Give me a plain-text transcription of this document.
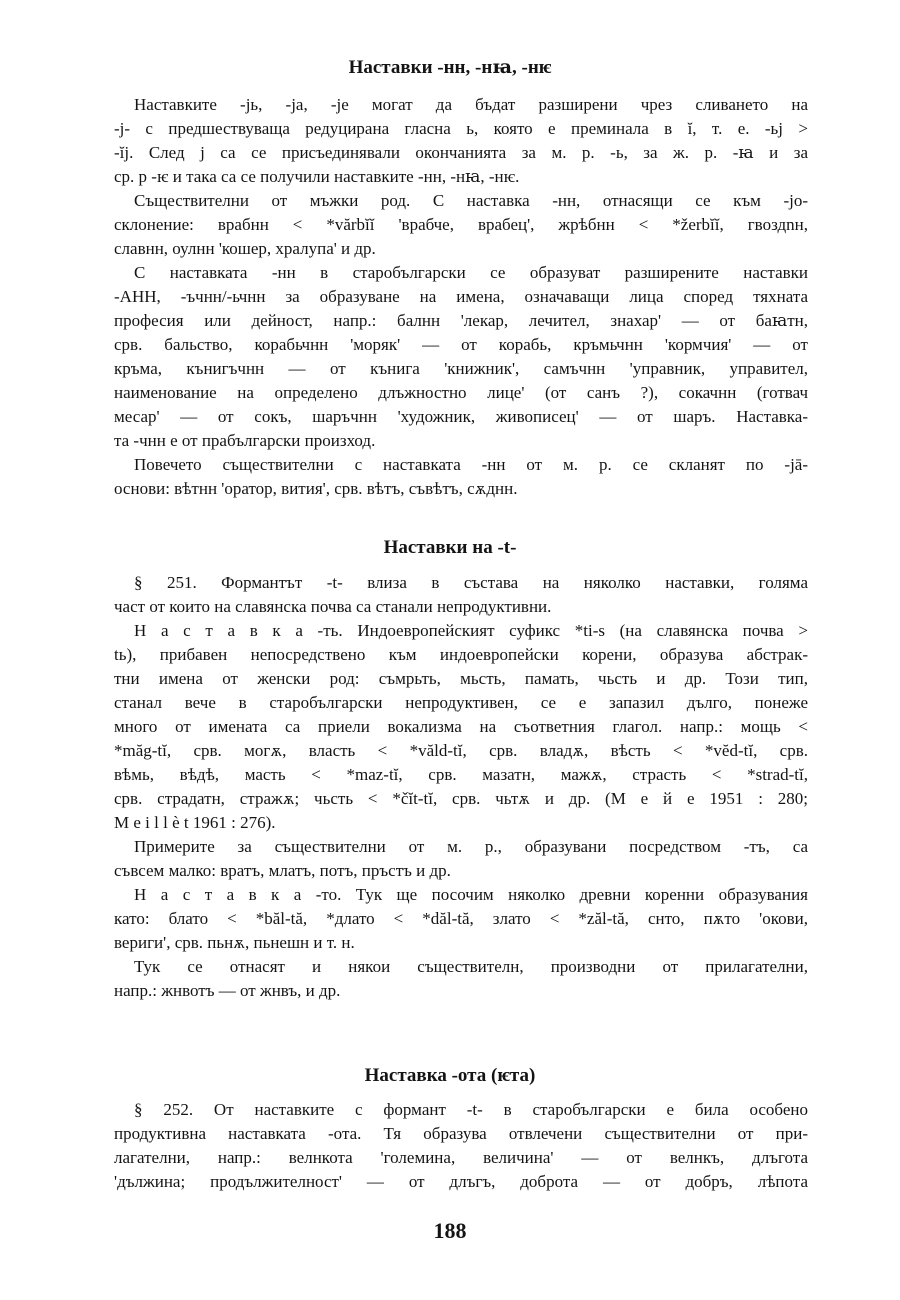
Наставки -нн, -нꙗ, -нѥ
Наставките -jь, -ja, -je могат да бъдат разширени чрез сливането на
-j- с предшествуваща редуцирана гласна ь, която е преминала в ĭ, т. е. -ьj >
-ĭj. След j са се присъединявали окончанията за м. р. -ь, за ж. р. -ꙗ и за
ср. р -ѥ и така са се получили наставките -нн, -нꙗ, -нѥ.
Съществителни от мъжки род. С наставка -нн, отнасящи се към -jo-
склонение: врабнн < *vărbĭĭ 'врабче, врабец', жрѣбнн < *žerbĭĭ, гвоздnн,
славнн, оулнн 'кошер, хралупа' и др.
С наставката -нн в старобългарски се образуват разширените наставки
-АНН, -ъчнн/-ьчнн за образуване на имена, означаващи лица според тяхната
професия или дейност, напр.: балнн 'лекар, лечител, знахар' — от баꙗтн,
срв. бальство, корабьчнн 'моряк' — от корабь, кръмьчнн 'кормчия' — от
кръма, кънигъчнн — от кънига 'книжник', самъчнн 'управник, управител,
наименование на определено длъжностно лице' (от санъ ?), сокачнн (готвач
месар' — от сокъ, шаръчнн 'художник, живописец' — от шаръ. Наставка-
та -чнн е от прабългарски произход.
Повечето съществителни с наставката -нн от м. р. се скланят по -jā-
основи: вѣтнн 'оратор, вития', срв. вѣтъ, съвѣтъ, сѫднн.
Наставки на -t-
§ 251. Формантът -t- влиза в състава на няколко наставки, голяма
част от които на славянска почва са станали непродуктивни.
Н а с т а в к а -ть. Индоевропейският суфикс *ti-s (на славянска почва >
tь), прибавен непосредствено към индоевропейски корени, образува абстрак-
тни имена от женски род: съмрьть, мьсть, памать, чьсть и др. Този тип,
станал вече в старобългарски непродуктивен, се е запазил дълго, понеже
много от имената са приели вокализма на съответния глагол. напр.: мощь <
*măg-tĭ, срв. могѫ, власть < *văld-tĭ, срв. владѫ, вѣсть < *vĕd-tĭ, срв.
вѣмь, вѣдѣ, масть < *maz-tĭ, срв. мазатн, мажѫ, страсть < *strad-tĭ,
срв. страдатн, стражѫ; чьсть < *čĭt-tĭ, срв. чьтѫ и др. (М е й е 1951 : 280;
M e i l l è t 1961 : 276).
Примерите за съществителни от м. р., образувани посредством -тъ, са
съвсем малко: вратъ, млатъ, потъ, пръстъ и др.
Н а с т а в к а -то. Тук ще посочим няколко древни коренни образувания
като: блато < *băl-tă, *длато < *dăl-tă, злато < *zăl-tă, снто, пѫто 'окови,
вериги', срв. пьнѫ, пьнешн и т. н.
Тук се отнасят и някои съществителн, производни от прилагателни,
напр.: жнвотъ — от жнвъ, и др.
Наставка -ота (ѥта)
§ 252. От наставките с формант -t- в старобългарски е била особено
продуктивна наставката -ота. Тя образува отвлечени съществителни от при-
лагателни, напр.: велнкота 'големина, величина' — от велнкъ, длъгота
'дължина; продължителност' — от длъгъ, доброта — от добръ, лѣпота
188
